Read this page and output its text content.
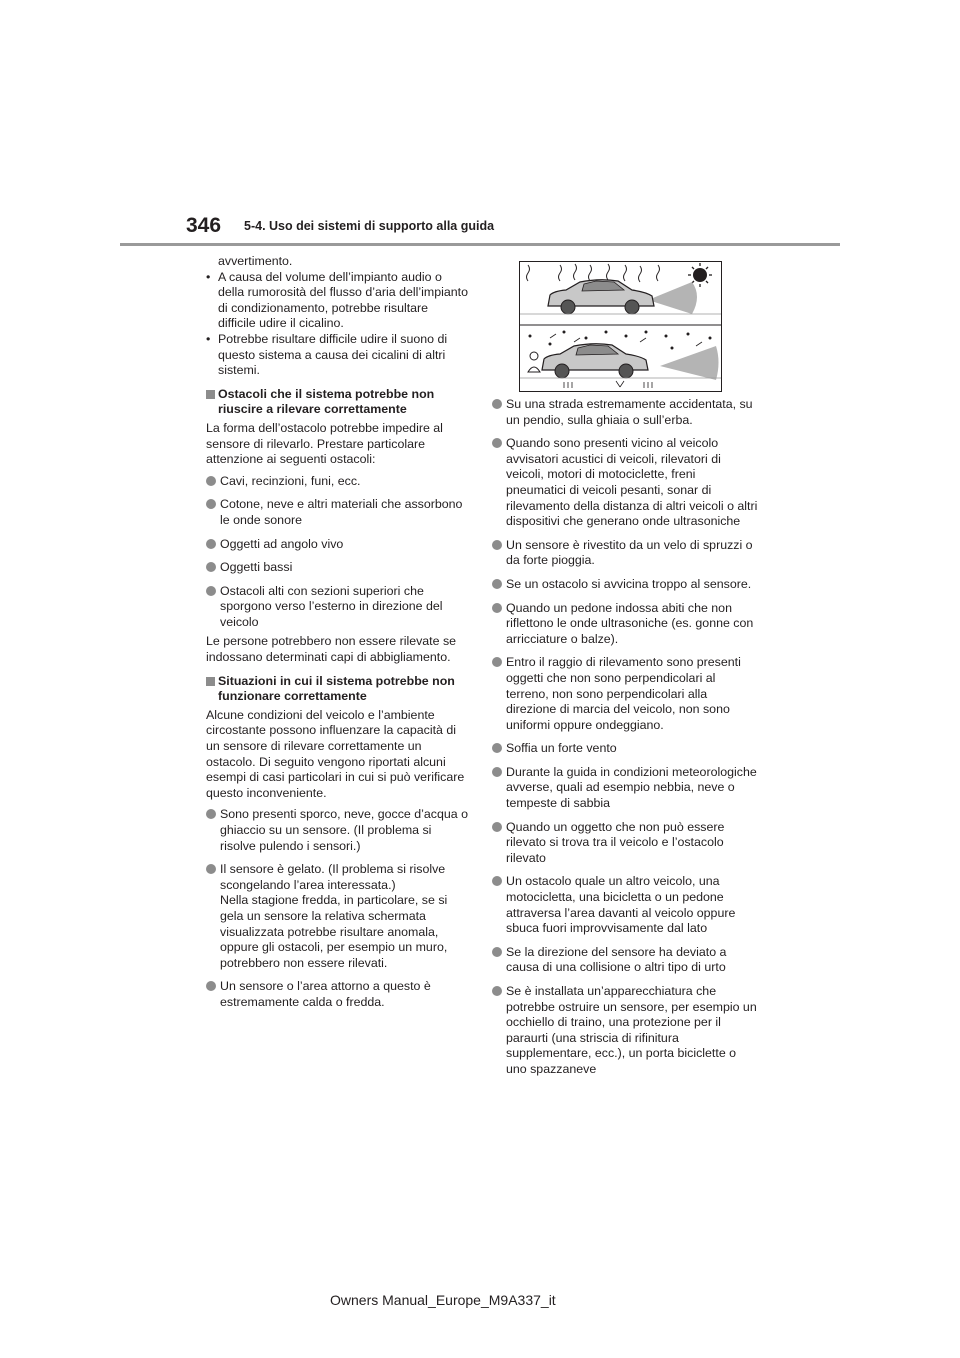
346 5-4. Uso dei sistemi di supporto alla guida

avvertimento.

• A causa del volume dell’impianto audio o della rumorosità del flusso d’aria dell’impianto di condizionamento, potrebbe risultare difficile udire il cicalino.

• Potrebbe risultare difficile udire il suono di questo sistema a causa dei cicalini di altri sistemi.

Ostacoli che il sistema potrebbe non riuscire a rilevare correttamente

La forma dell’ostacolo potrebbe impedire al sensore di rilevarlo. Prestare particolare attenzione ai seguenti ostacoli:

Cavi, recinzioni, funi, ecc.
Cotone, neve e altri materiali che assorbono le onde sonore
Oggetti ad angolo vivo
Oggetti bassi
Ostacoli alti con sezioni superiori che sporgono verso l’esterno in direzione del veicolo

Le persone potrebbero non essere rilevate se indossano determinati capi di abbigliamento.

Situazioni in cui il sistema potrebbe non funzionare correttamente

Alcune condizioni del veicolo e l’ambiente circostante possono influenzare la capacità di un sensore di rilevare correttamente un ostacolo. Di seguito vengono riportati alcuni esempi di casi particolari in cui si può verificare questo inconveniente.

Sono presenti sporco, neve, gocce d’acqua o ghiaccio su un sensore. (Il problema si risolve pulendo i sensori.)
Il sensore è gelato. (Il problema si risolve scongelando l’area interessata.)
Nella stagione fredda, in particolare, se si gela un sensore la relativa schermata visualizzata potrebbe risultare anomala, oppure gli ostacoli, per esempio un muro, potrebbero non essere rilevati.
Un sensore o l’area attorno a questo è estremamente calda o fredda.
Su una strada estremamente accidentata, su un pendio, sulla ghiaia o sull’erba.
Quando sono presenti vicino al veicolo avvisatori acustici di veicoli, rilevatori di veicoli, motori di motociclette, freni pneumatici di veicoli pesanti, sonar di rilevamento della distanza di altri veicoli o altri dispositivi che generano onde ultrasoniche
Un sensore è rivestito da un velo di spruzzi o da forte pioggia.
Se un ostacolo si avvicina troppo al sensore.
Quando un pedone indossa abiti che non riflettono le onde ultrasoniche (es. gonne con arricciature o balze).
Entro il raggio di rilevamento sono presenti oggetti che non sono perpendicolari al terreno, non sono perpendicolari alla direzione di marcia del veicolo, non sono uniformi oppure ondeggiano.
Soffia un forte vento
Durante la guida in condizioni meteorologiche avverse, quali ad esempio nebbia, neve o tempeste di sabbia
Quando un oggetto che non può essere rilevato si trova tra il veicolo e l’ostacolo rilevato
Un ostacolo quale un altro veicolo, una motocicletta, una bicicletta o un pedone attraversa l’area davanti al veicolo oppure sbuca fuori improvvisamente dal lato
Se la direzione del sensore ha deviato a causa di una collisione o altri tipo di urto
Se è installata un’apparecchiatura che potrebbe ostruire un sensore, per esempio un occhiello di traino, una protezione per il paraurti (una striscia di rifinitura supplementare, ecc.), un porta biciclette o uno spazzaneve
Owners Manual_Europe_M9A337_it
